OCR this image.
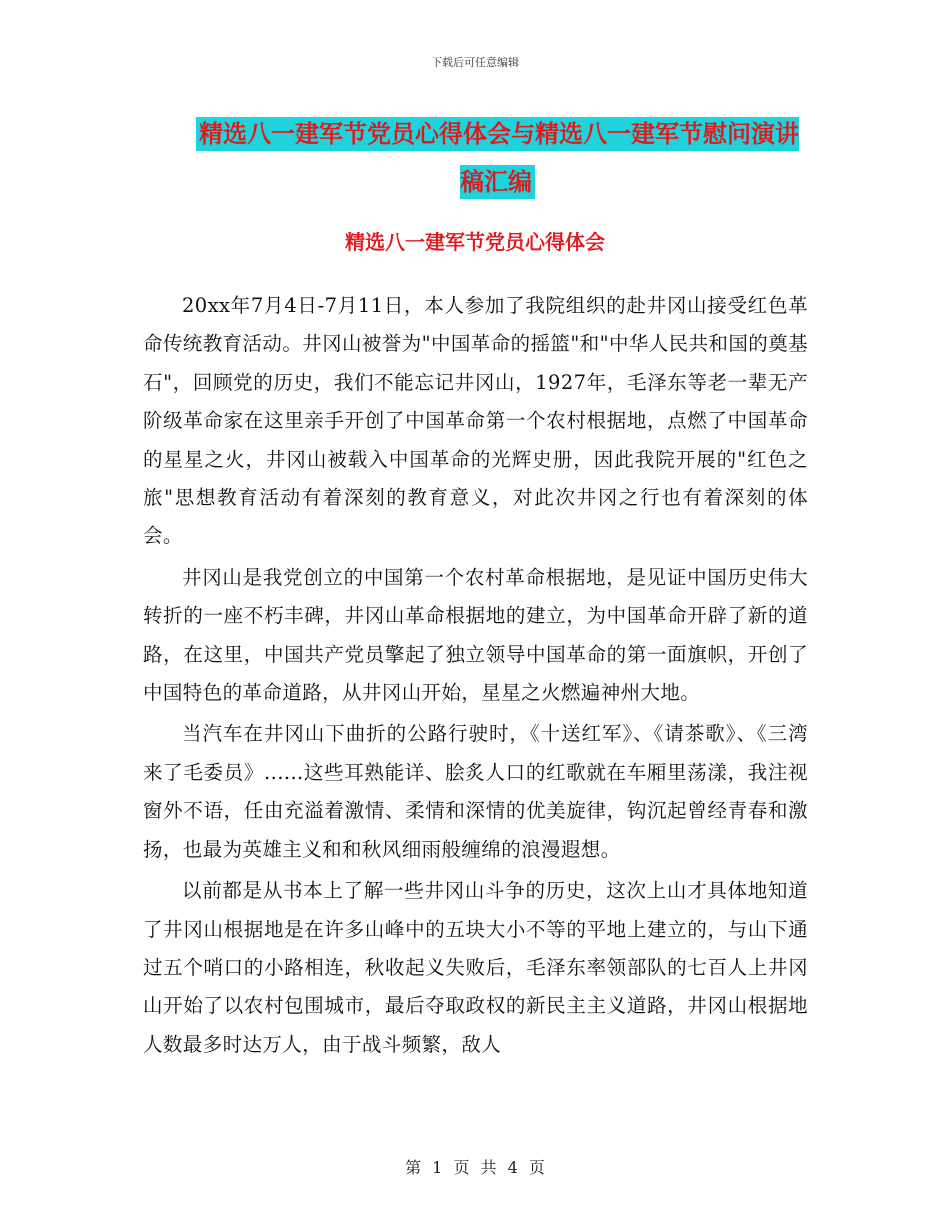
下载后可任意编辑
精选八一建军节党员心得体会与精选八一建军节慰问演讲稿汇编
精选八一建军节党员心得体会

20xx年7月4日-7月11日，本人参加了我院组织的赴井冈山接受红色革命传统教育活动。井冈山被誉为"中国革命的摇篮"和"中华人民共和国的奠基石"，回顾党的历史，我们不能忘记井冈山，1927年，毛泽东等老一辈无产阶级革命家在这里亲手开创了中国革命第一个农村根据地，点燃了中国革命的星星之火，井冈山被载入中国革命的光辉史册，因此我院开展的"红色之旅"思想教育活动有着深刻的教育意义，对此次井冈之行也有着深刻的体会。

井冈山是我党创立的中国第一个农村革命根据地，是见证中国历史伟大转折的一座不朽丰碑，井冈山革命根据地的建立，为中国革命开辟了新的道路，在这里，中国共产党员擎起了独立领导中国革命的第一面旗帜，开创了中国特色的革命道路，从井冈山开始，星星之火燃遍神州大地。

当汽车在井冈山下曲折的公路行驶时，《十送红军》、《请茶歌》、《三湾来了毛委员》......这些耳熟能详、脍炙人口的红歌就在车厢里荡漾，我注视窗外不语，任由充溢着激情、柔情和深情的优美旋律，钩沉起曾经青春和激扬，也最为英雄主义和和秋风细雨般缠绵的浪漫遐想。

以前都是从书本上了解一些井冈山斗争的历史，这次上山才具体地知道了井冈山根据地是在许多山峰中的五块大小不等的平地上建立的，与山下通过五个哨口的小路相连，秋收起义失败后，毛泽东率领部队的七百人上井冈山开始了以农村包围城市，最后夺取政权的新民主主义道路，井冈山根据地人数最多时达万人，由于战斗频繁，敌人

第 1 页 共 4 页
